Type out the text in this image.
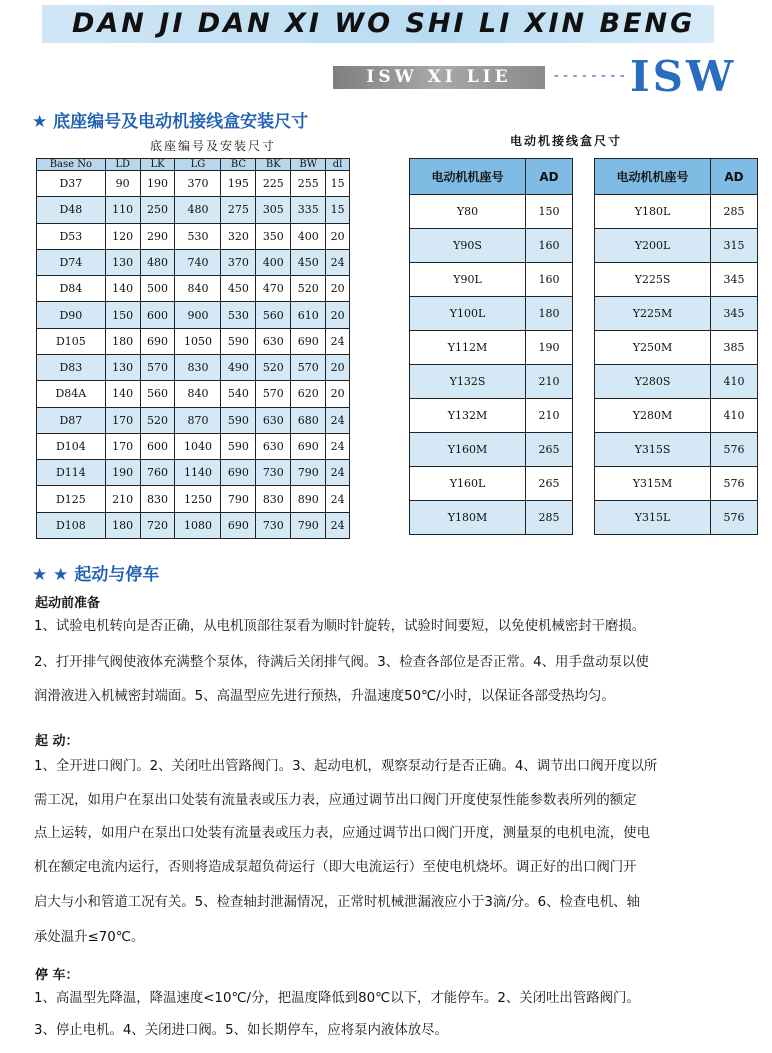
DAN JI DAN XI WO SHI LI XIN BENG
ISW XI LIE	-------- ISW
★ 底座编号及电动机接线盒安装尺寸
底座编号及安装尺寸	电动机接线盒尺寸
Base No	LD	LK	LG	BC	BK	BW	dl
D37	90	190	370	195	225	255	15
D48	110	250	480	275	305	335	15
D53	120	290	530	320	350	400	20
D74	130	480	740	370	400	450	24
D84	140	500	840	450	470	520	20
D90	150	600	900	530	560	610	20
D105	180	690	1050	590	630	690	24
D83	130	570	830	490	520	570	20
D84A	140	560	840	540	570	620	20
D87	170	520	870	590	630	680	24
D104	170	600	1040	590	630	690	24
D114	190	760	1140	690	730	790	24
D125	210	830	1250	790	830	890	24
D108	180	720	1080	690	730	790	24
电动机机座号	AD
Y80	150
Y90S	160
Y90L	160
Y100L	180
Y112M	190
Y132S	210
Y132M	210
Y160M	265
Y160L	265
Y180M	285
电动机机座号	AD
Y180L	285
Y200L	315
Y225S	345
Y225M	345
Y250M	385
Y280S	410
Y280M	410
Y315S	576
Y315M	576
Y315L	576
★ ★ 起动与停车
起动前准备
1、试验电机转向是否正确，从电机顶部往泵看为顺时针旋转，试验时间要短，以免使机械密封干磨损。
2、打开排气阀使液体充满整个泵体，待满后关闭排气阀。3、检查各部位是否正常。4、用手盘动泵以使
润滑液进入机械密封端面。5、高温型应先进行预热，升温速度50℃/小时，以保证各部受热均匀。
起 动：
1、全开进口阀门。2、关闭吐出管路阀门。3、起动电机，观察泵动行是否正确。4、调节出口阀开度以所
需工况，如用户在泵出口处装有流量表或压力表，应通过调节出口阀门开度使泵性能参数表所列的额定
点上运转，如用户在泵出口处装有流量表或压力表，应通过调节出口阀门开度，测量泵的电机电流，使电
机在额定电流内运行，否则将造成泵超负荷运行（即大电流运行）至使电机烧坏。调正好的出口阀门开
启大与小和管道工况有关。5、检查轴封泄漏情况，正常时机械泄漏液应小于3滴/分。6、检查电机、轴
承处温升≤70℃。
停 车：
1、高温型先降温，降温速度<10℃/分，把温度降低到80℃以下，才能停车。2、关闭吐出管路阀门。
3、停止电机。4、关闭进口阀。5、如长期停车，应将泵内液体放尽。
